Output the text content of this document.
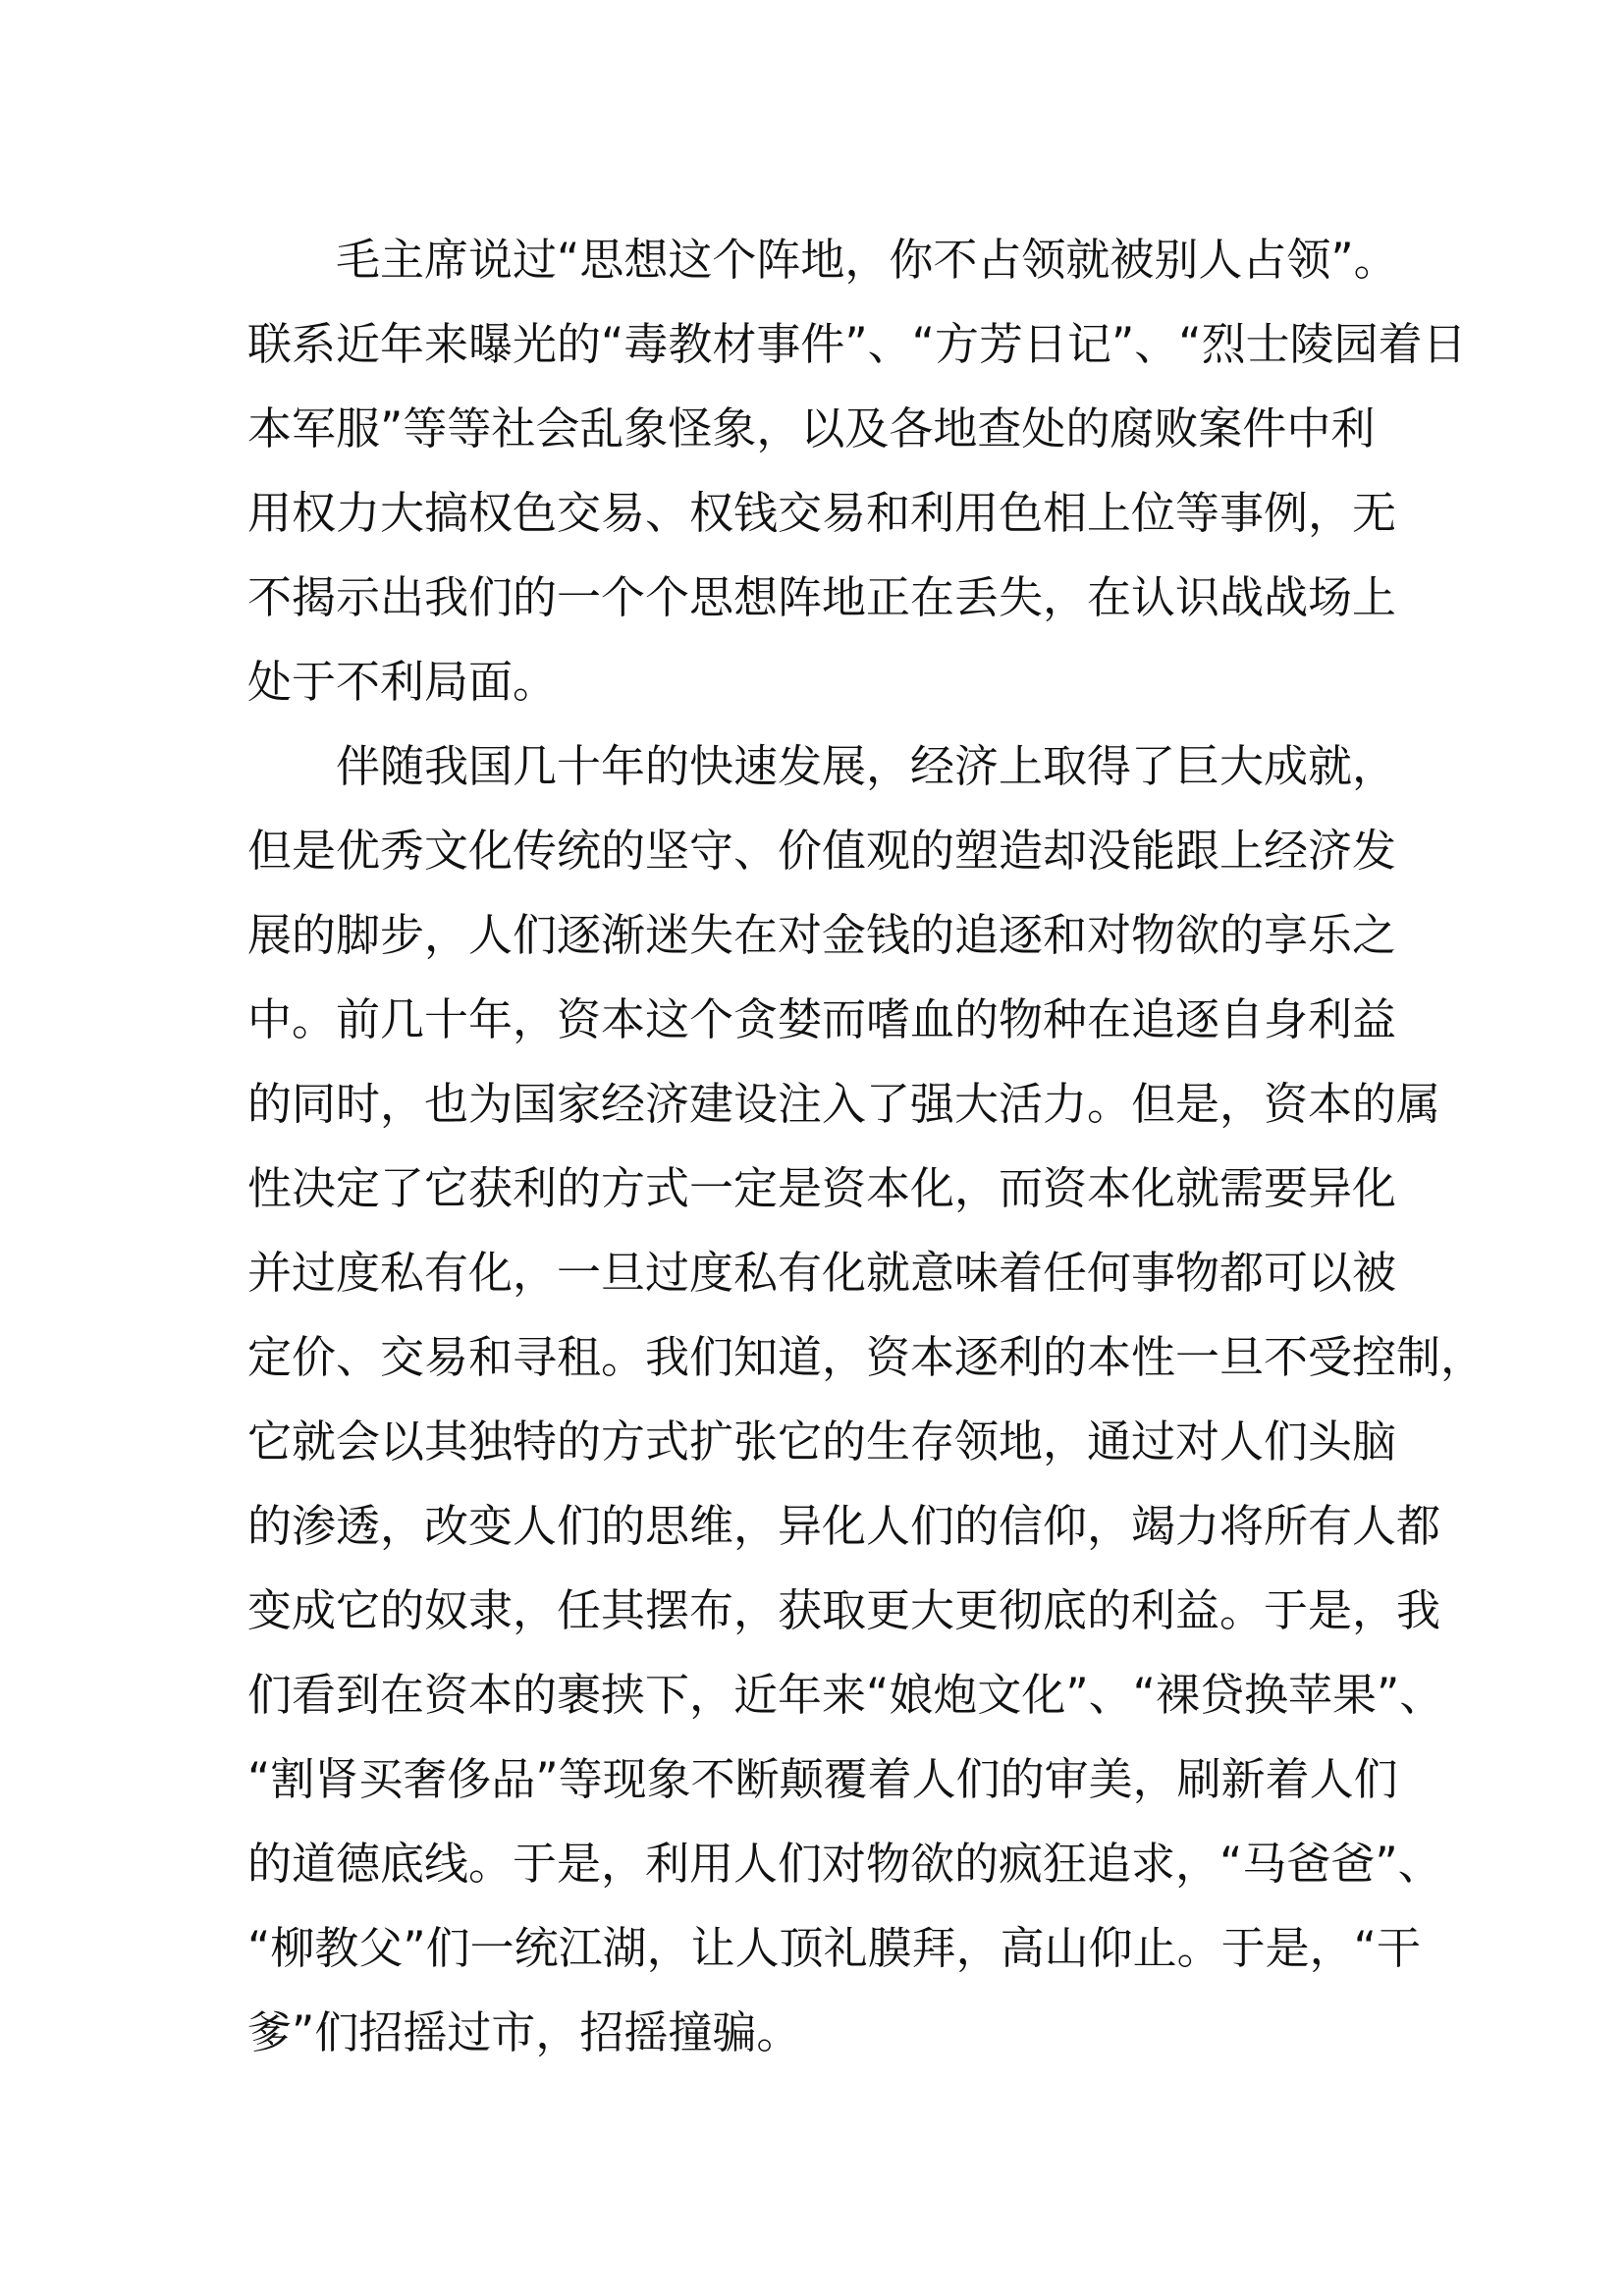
毛主席说过“思想这个阵地，你不占领就被别人占领”。
联系近年来曝光的“毒教材事件”、“方芳日记”、“烈士陵园着日
本军服”等等社会乱象怪象，以及各地查处的腐败案件中利
用权力大搞权色交易、权钱交易和利用色相上位等事例，无
不揭示出我们的一个个思想阵地正在丢失，在认识战战场上
处于不利局面。
伴随我国几十年的快速发展，经济上取得了巨大成就，
但是优秀文化传统的坚守、价值观的塑造却没能跟上经济发
展的脚步，人们逐渐迷失在对金钱的追逐和对物欲的享乐之
中。前几十年，资本这个贪婪而嗜血的物种在追逐自身利益
的同时，也为国家经济建设注入了强大活力。但是，资本的属
性决定了它获利的方式一定是资本化，而资本化就需要异化
并过度私有化，一旦过度私有化就意味着任何事物都可以被
定价、交易和寻租。我们知道，资本逐利的本性一旦不受控制，
它就会以其独特的方式扩张它的生存领地，通过对人们头脑
的渗透，改变人们的思维，异化人们的信仰，竭力将所有人都
变成它的奴隶，任其摆布，获取更大更彻底的利益。于是，我
们看到在资本的裹挟下，近年来“娘炮文化”、“裸贷换苹果”、
“割肾买奢侈品”等现象不断颠覆着人们的审美，刷新着人们
的道德底线。于是，利用人们对物欲的疯狂追求，“马爸爸”、
“柳教父”们一统江湖，让人顶礼膜拜，高山仰止。于是，“干
爹”们招摇过市，招摇撞骗。
